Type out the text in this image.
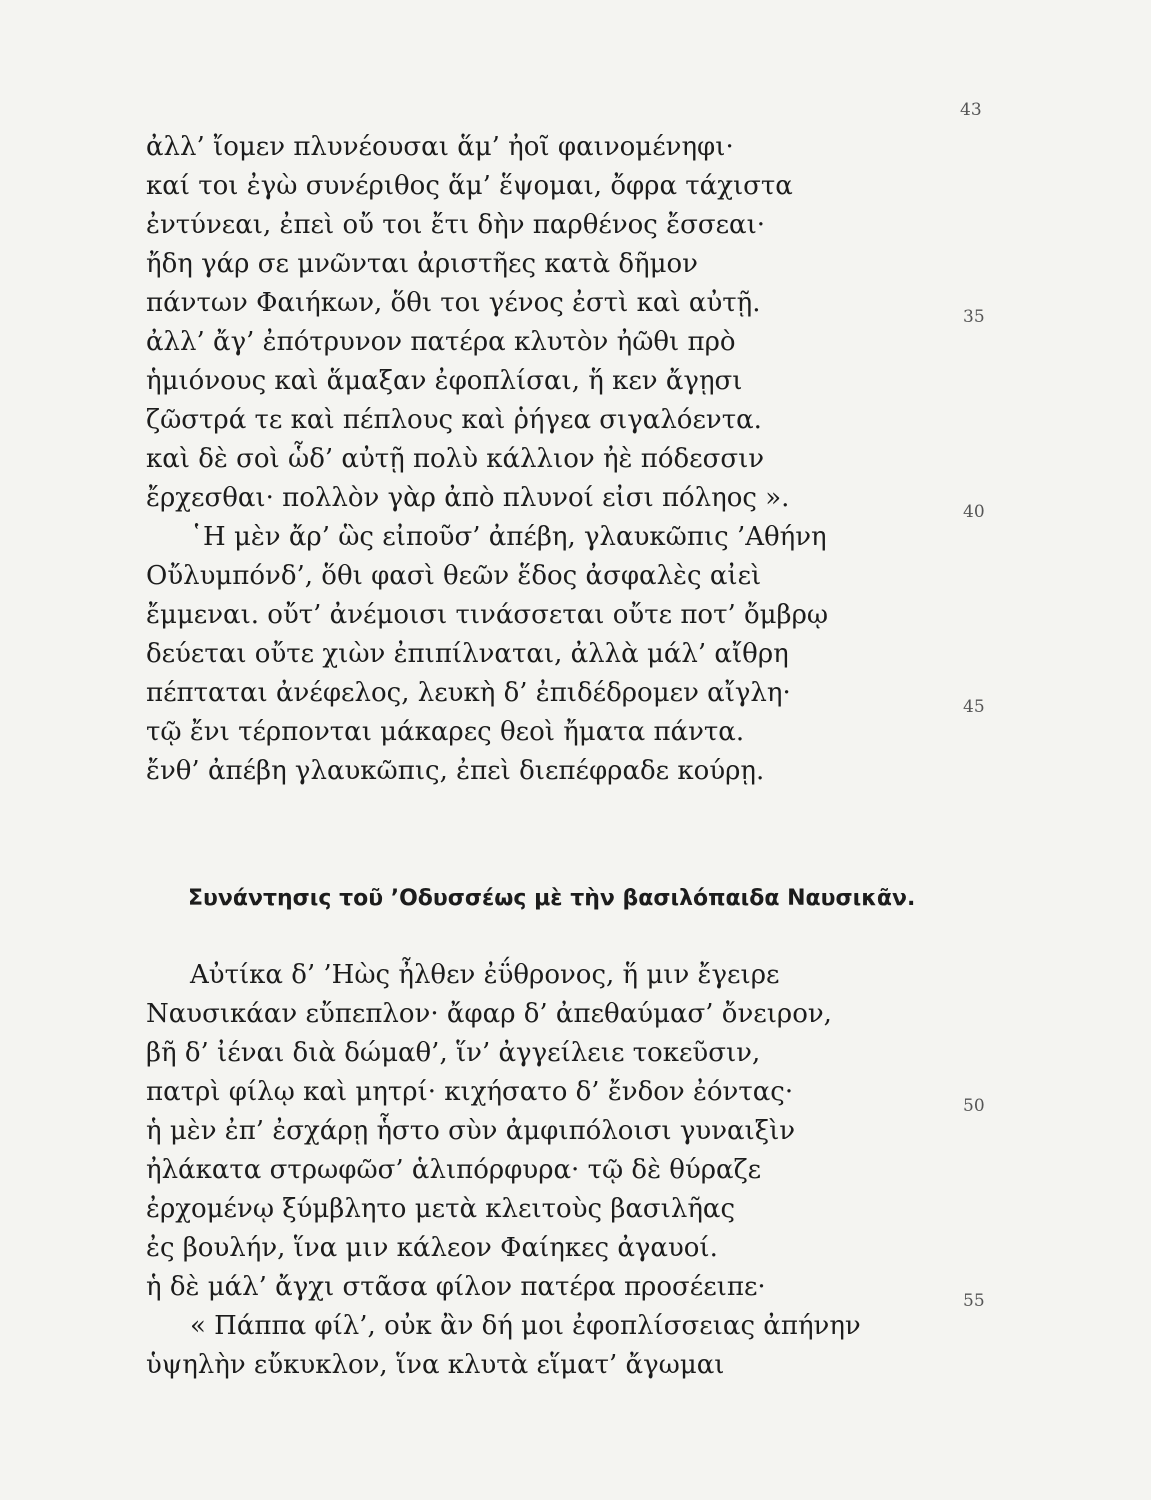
43
ἀλλ’ ἴομεν πλυνέουσαι ἅμ’ ἠοῖ φαινομένηφι·
καί τοι ἐγὼ συνέριθος ἅμ’ ἕψομαι, ὄφρα τάχιστα
ἐντύνεαι, ἐπεὶ οὔ τοι ἔτι δὴν παρθένος ἔσσεαι·
ἤδη γάρ σε μνῶνται ἀριστῆες κατὰ δῆμον
πάντων Φαιήκων, ὅθι τοι γένος ἐστὶ καὶ αὐτῇ.	35
ἀλλ’ ἄγ’ ἐπότρυνον πατέρα κλυτὸν ἠῶθι πρὸ
ἡμιόνους καὶ ἅμαξαν ἐφοπλίσαι, ἥ κεν ἄγῃσι
ζῶστρά τε καὶ πέπλους καὶ ῥήγεα σιγαλόεντα.
καὶ δὲ σοὶ ὧδ’ αὐτῇ πολὺ κάλλιον ἠὲ πόδεσσιν
ἔρχεσθαι· πολλὸν γὰρ ἀπὸ πλυνοί εἰσι πόληος ».	40
῾Η μὲν ἄρ’ ὣς εἰποῦσ’ ἀπέβη, γλαυκῶπις ’Αθήνη
Οὔλυμπόνδ’, ὅθι φασὶ θεῶν ἕδος ἀσφαλὲς αἰεὶ
ἔμμεναι. οὔτ’ ἀνέμοισι τινάσσεται οὔτε ποτ’ ὄμβρῳ
δεύεται οὔτε χιὼν ἐπιπίλναται, ἀλλὰ μάλ’ αἴθρη
πέπταται ἀνέφελος, λευκὴ δ’ ἐπιδέδρομεν αἴγλη·	45
τῷ ἔνι τέρπονται μάκαρες θεοὶ ἤματα πάντα.
ἔνθ’ ἀπέβη γλαυκῶπις, ἐπεὶ διεπέφραδε κούρῃ.
Συνάντησις τοῦ ’Οδυσσέως μὲ τὴν βασιλόπαιδα Ναυσικᾶν.
Αὐτίκα δ’ ’Ηὼς ἦλθεν ἐΰθρονος, ἥ μιν ἔγειρε
Ναυσικάαν εὔπεπλον· ἄφαρ δ’ ἀπεθαύμασ’ ὄνειρον,
βῆ δ’ ἰέναι διὰ δώμαθ’, ἵν’ ἀγγείλειε τοκεῦσιν,
πατρὶ φίλῳ καὶ μητρί· κιχήσατο δ’ ἔνδον ἐόντας·	50
ἡ μὲν ἐπ’ ἐσχάρῃ ἧστο σὺν ἀμφιπόλοισι γυναιξὶν
ἠλάκατα στρωφῶσ’ ἁλιπόρφυρα· τῷ δὲ θύραζε
ἐρχομένῳ ξύμβλητο μετὰ κλειτοὺς βασιλῆας
ἐς βουλήν, ἵνα μιν κάλεον Φαίηκες ἀγαυοί.
ἡ δὲ μάλ’ ἄγχι στᾶσα φίλον πατέρα προσέειπε·	55
« Πάππα φίλ’, οὐκ ἂν δή μοι ἐφοπλίσσειας ἀπήνην
ὑψηλὴν εὔκυκλον, ἵνα κλυτὰ εἵματ’ ἄγωμαι
